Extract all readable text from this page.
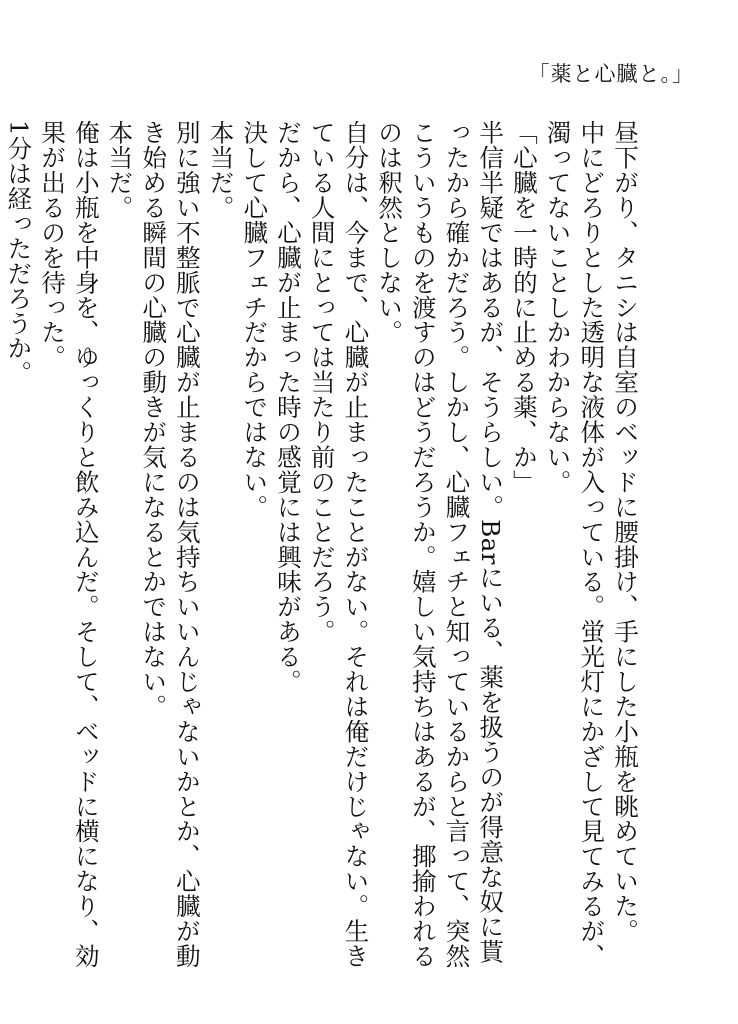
「薬と心臓と。」
昼下がり、タニシは自室のベッドに腰掛け、手にした小瓶を眺めていた。
中にどろりとした透明な液体が入っている。蛍光灯にかざして見てみるが、濁ってないことしかわからない。
「心臓を一時的に止める薬、か」
半信半疑ではあるが、そうらしい。Barにいる、薬を扱うのが得意な奴に貰ったから確かだろう。しかし、心臓フェチと知っているからと言って、突然こういうものを渡すのはどうだろうか。嬉しい気持ちはあるが、揶揄われるのは釈然としない。
自分は、今まで、心臓が止まったことがない。それは俺だけじゃない。生きている人間にとっては当たり前のことだろう。
だから、心臓が止まった時の感覚には興味がある。
決して心臓フェチだからではない。
本当だ。
別に強い不整脈で心臓が止まるのは気持ちいいんじゃないかとか、心臓が動き始める瞬間の心臓の動きが気になるとかではない。
本当だ。
俺は小瓶を中身を、ゆっくりと飲み込んだ。そして、ベッドに横になり、効果が出るのを待った。
1分は経っただろうか。
